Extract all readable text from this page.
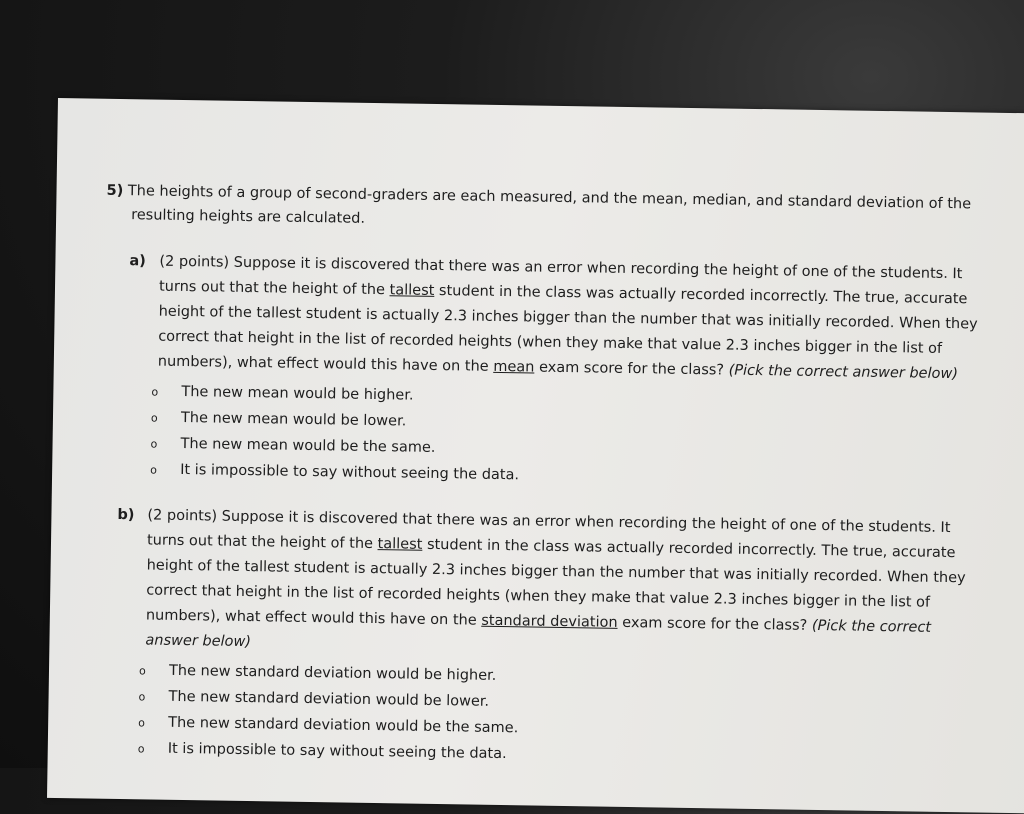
5) The heights of a group of second-graders are each measured, and the mean, median, and standard deviation of the
resulting heights are calculated.
a) (2 points) Suppose it is discovered that there was an error when recording the height of one of the students. It
turns out that the height of the tallest student in the class was actually recorded incorrectly. The true, accurate
height of the tallest student is actually 2.3 inches bigger than the number that was initially recorded. When they
correct that height in the list of recorded heights (when they make that value 2.3 inches bigger in the list of
numbers), what effect would this have on the mean exam score for the class? (Pick the correct answer below)
o	The new mean would be higher.
o	The new mean would be lower.
o	The new mean would be the same.
o	It is impossible to say without seeing the data.
b) (2 points) Suppose it is discovered that there was an error when recording the height of one of the students. It
turns out that the height of the tallest student in the class was actually recorded incorrectly. The true, accurate
height of the tallest student is actually 2.3 inches bigger than the number that was initially recorded. When they
correct that height in the list of recorded heights (when they make that value 2.3 inches bigger in the list of
numbers), what effect would this have on the standard deviation exam score for the class? (Pick the correct
answer below)
o	The new standard deviation would be higher.
o	The new standard deviation would be lower.
o	The new standard deviation would be the same.
o	It is impossible to say without seeing the data.
